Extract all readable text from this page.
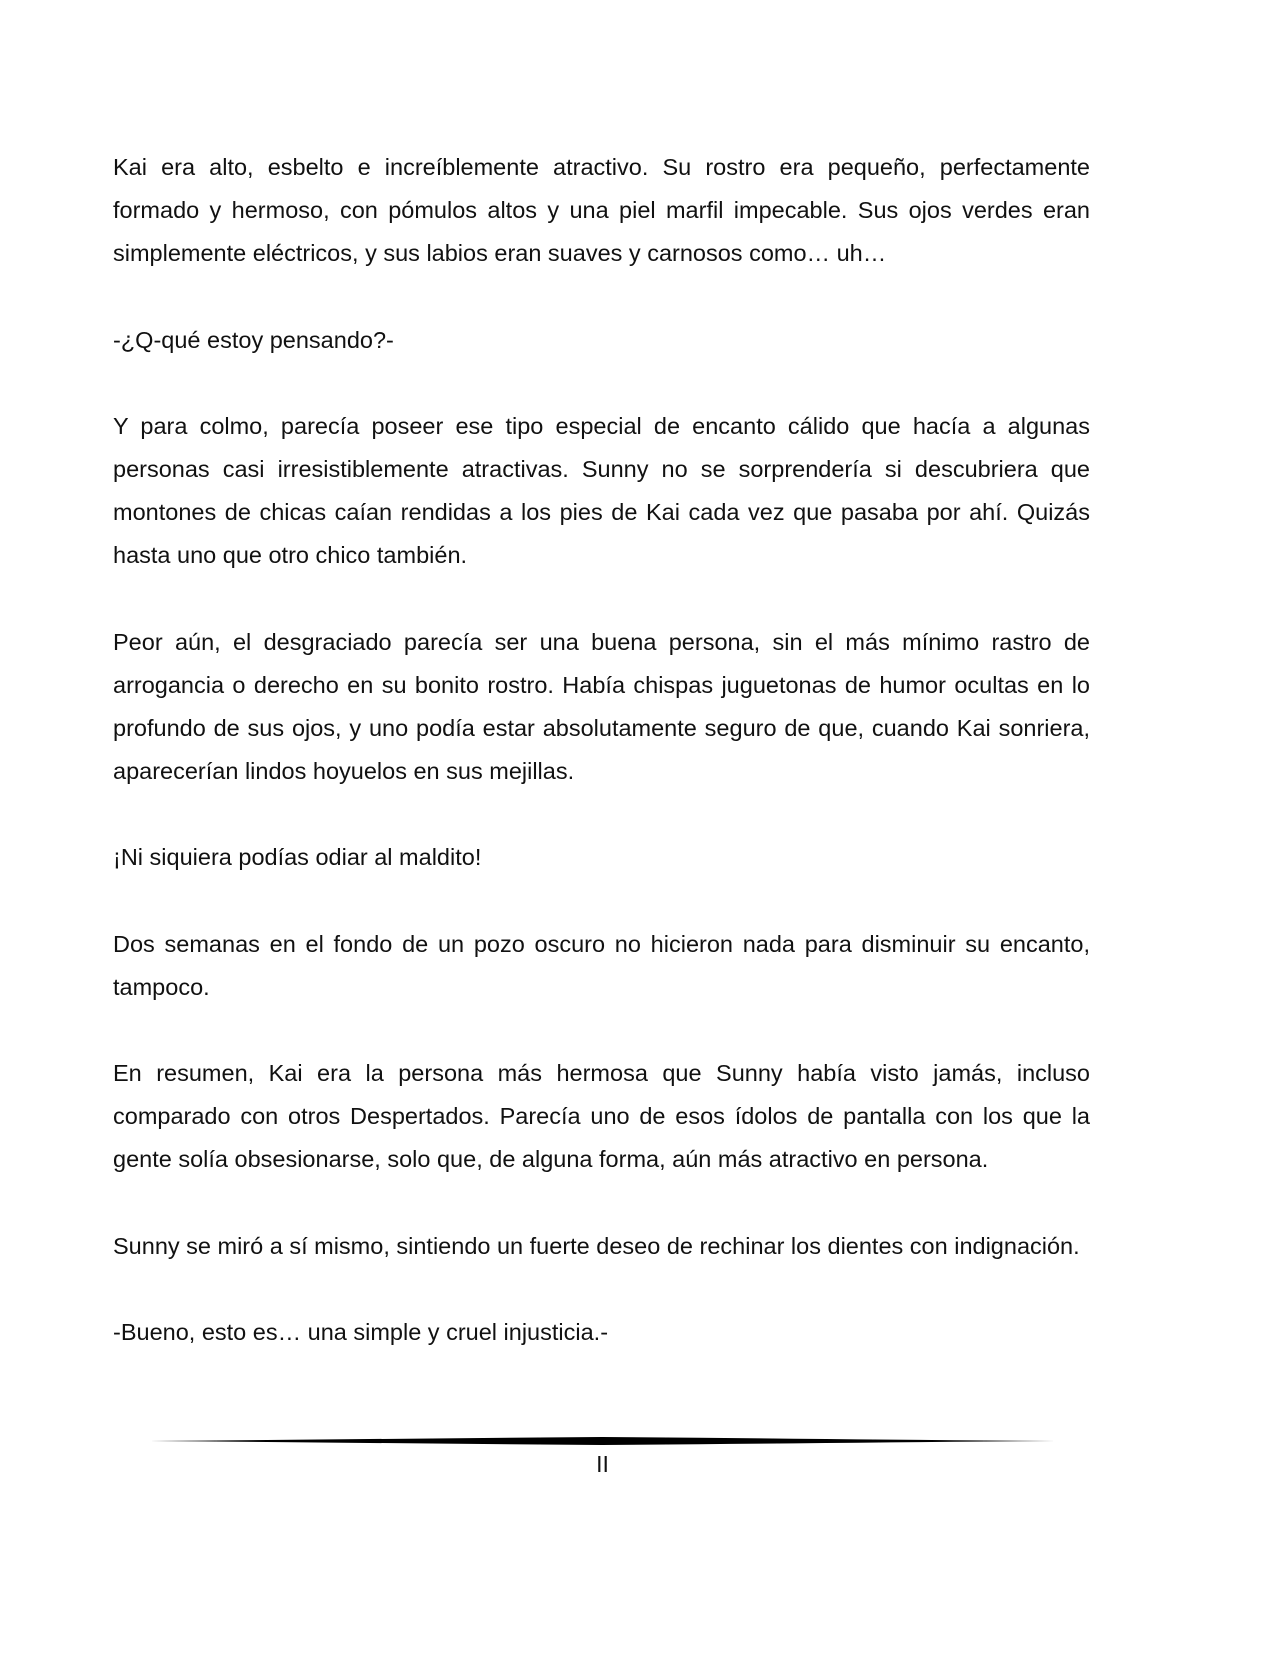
Kai era alto, esbelto e increíblemente atractivo. Su rostro era pequeño, perfectamente formado y hermoso, con pómulos altos y una piel marfil impecable. Sus ojos verdes eran simplemente eléctricos, y sus labios eran suaves y carnosos como… uh…

-¿Q-qué estoy pensando?-

Y para colmo, parecía poseer ese tipo especial de encanto cálido que hacía a algunas personas casi irresistiblemente atractivas. Sunny no se sorprendería si descubriera que montones de chicas caían rendidas a los pies de Kai cada vez que pasaba por ahí. Quizás hasta uno que otro chico también.

Peor aún, el desgraciado parecía ser una buena persona, sin el más mínimo rastro de arrogancia o derecho en su bonito rostro. Había chispas juguetonas de humor ocultas en lo profundo de sus ojos, y uno podía estar absolutamente seguro de que, cuando Kai sonriera, aparecerían lindos hoyuelos en sus mejillas.

¡Ni siquiera podías odiar al maldito!

Dos semanas en el fondo de un pozo oscuro no hicieron nada para disminuir su encanto, tampoco.

En resumen, Kai era la persona más hermosa que Sunny había visto jamás, incluso comparado con otros Despertados. Parecía uno de esos ídolos de pantalla con los que la gente solía obsesionarse, solo que, de alguna forma, aún más atractivo en persona.

Sunny se miró a sí mismo, sintiendo un fuerte deseo de rechinar los dientes con indignación.

-Bueno, esto es… una simple y cruel injusticia.-

II
